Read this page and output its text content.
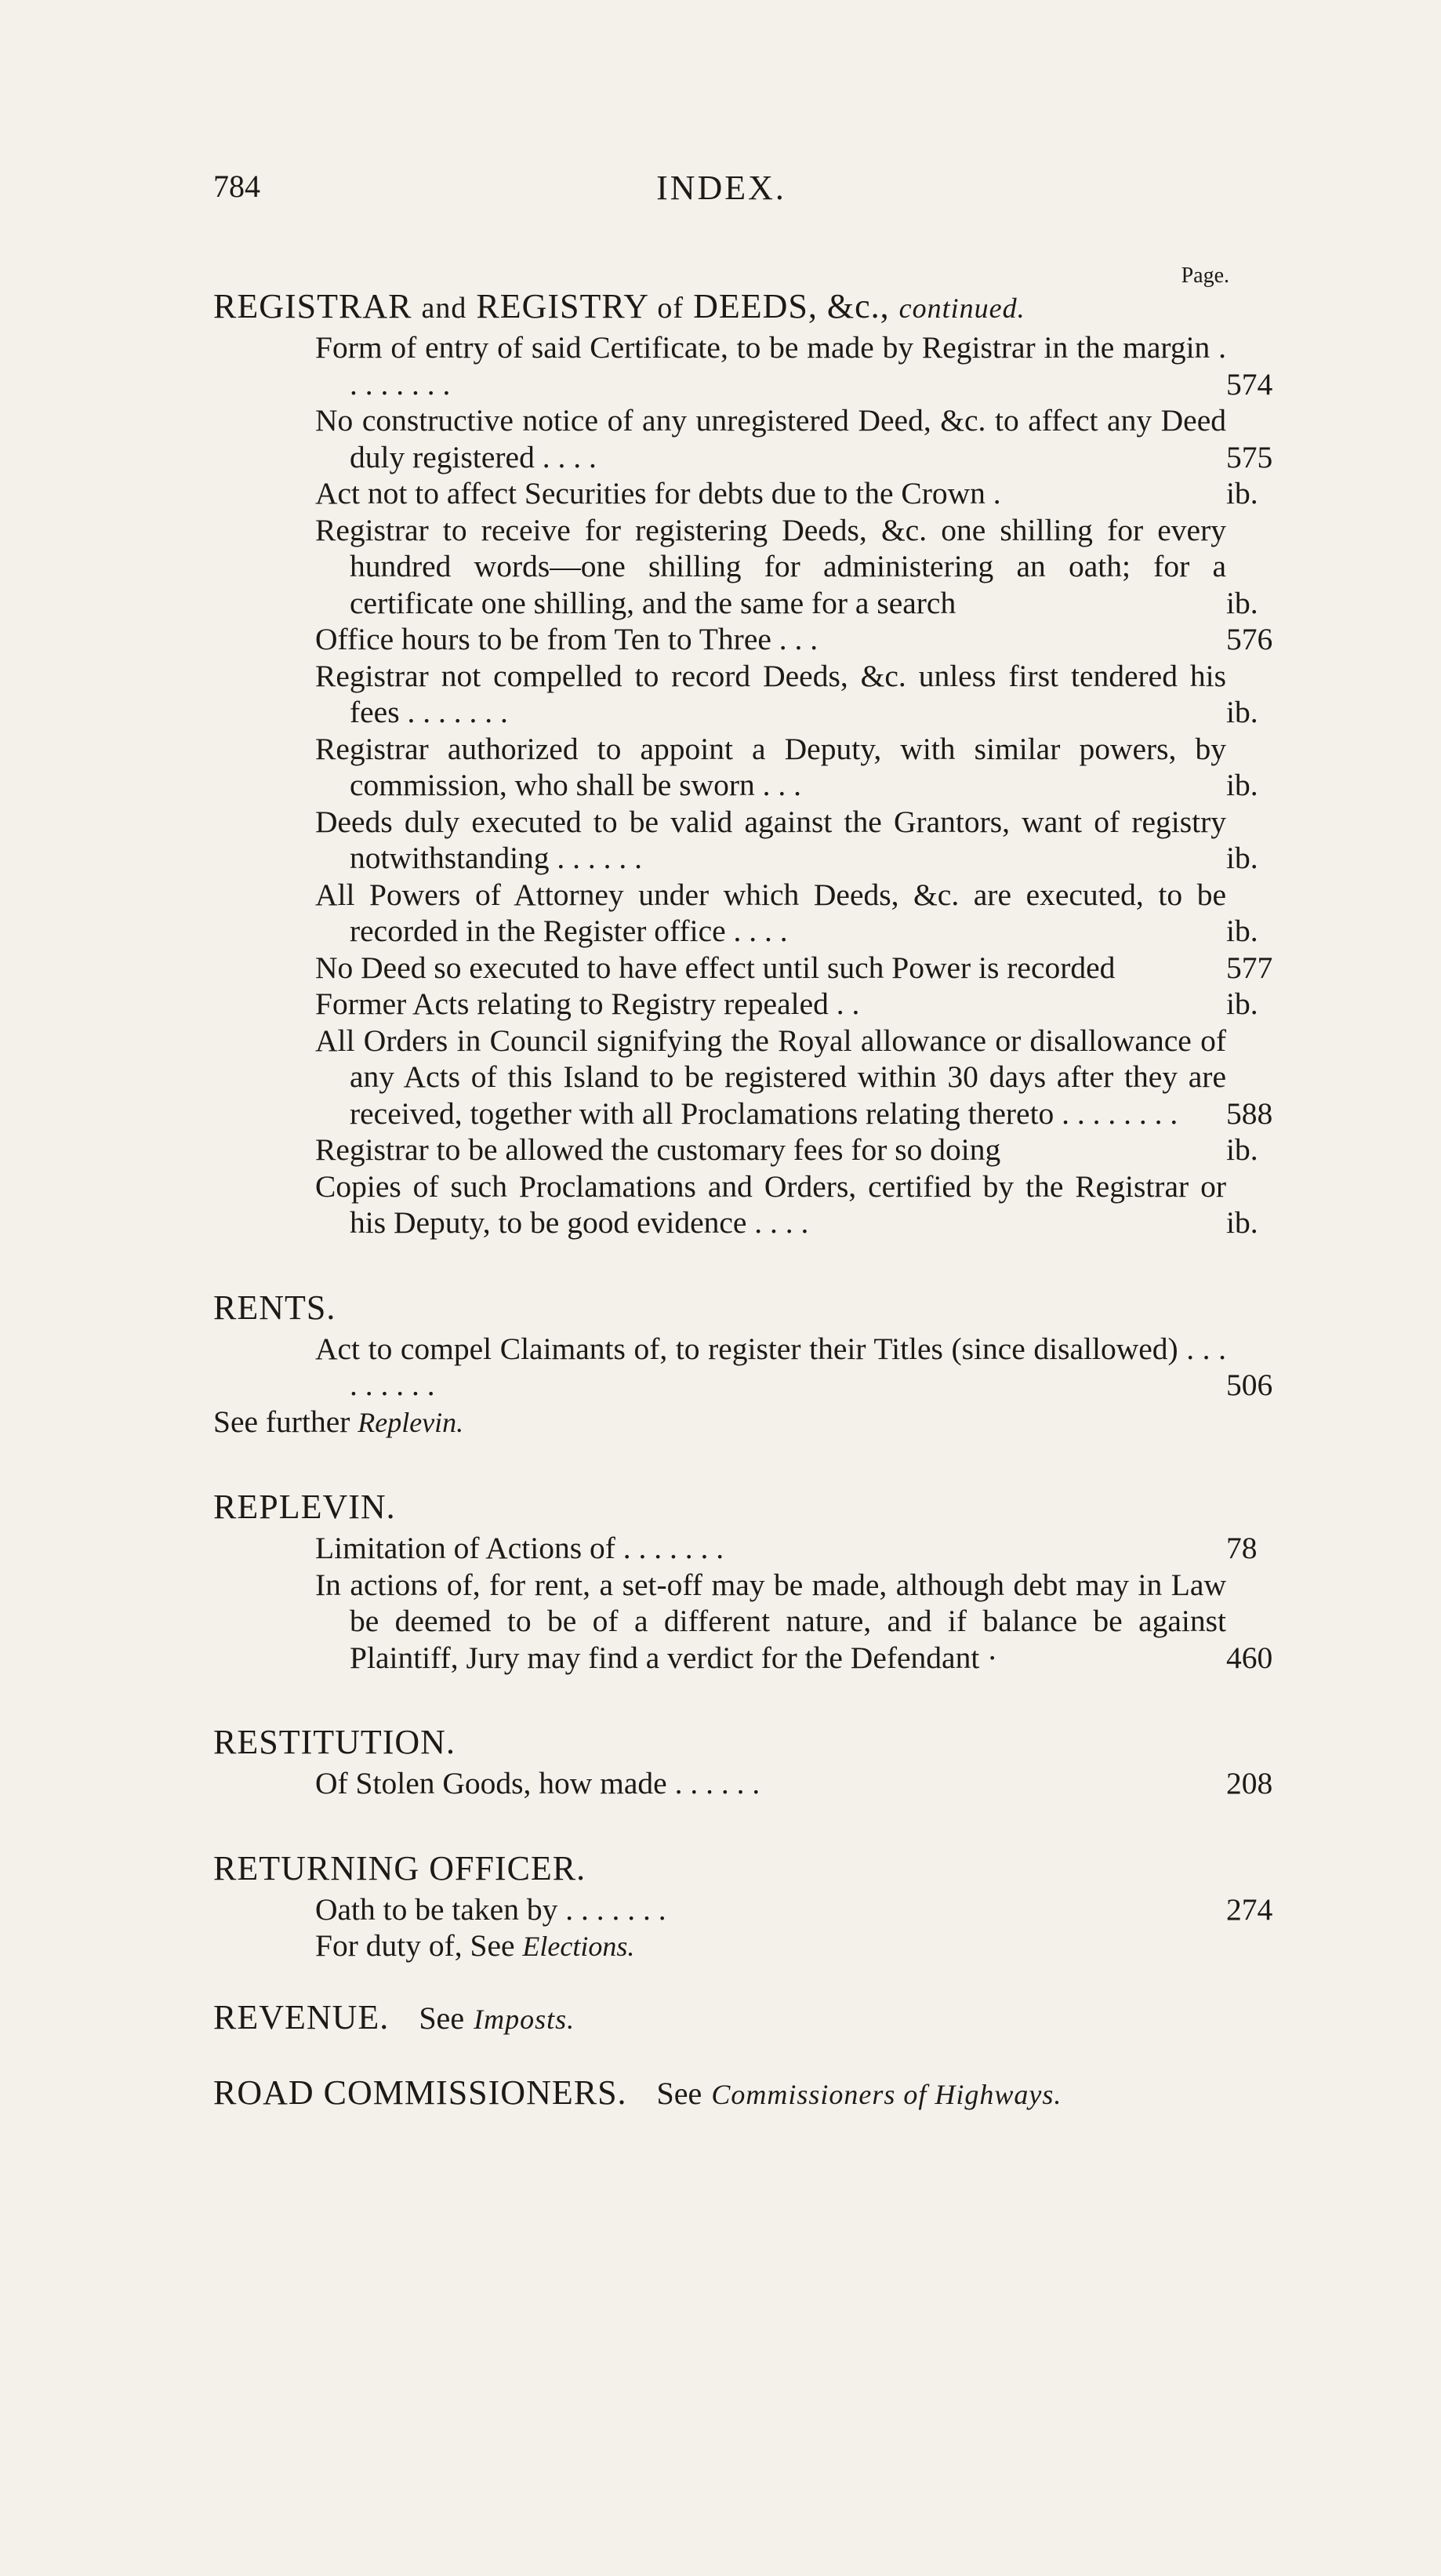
784	INDEX.
Page.
REGISTRAR and REGISTRY of DEEDS, &c., continued.
Form of entry of said Certificate, to be made by Registrar in the margin . . . . . . . .	574
No constructive notice of any unregistered Deed, &c. to affect any Deed duly registered . . . .	575
Act not to affect Securities for debts due to the Crown .	ib.
Registrar to receive for registering Deeds, &c. one shilling for every hundred words—one shilling for administering an oath; for a certificate one shilling, and the same for a search	ib.
Office hours to be from Ten to Three . . .	576
Registrar not compelled to record Deeds, &c. unless first tendered his fees . . . . . . .	ib.
Registrar authorized to appoint a Deputy, with similar powers, by commission, who shall be sworn . . .	ib.
Deeds duly executed to be valid against the Grantors, want of registry notwithstanding . . . . . .	ib.
All Powers of Attorney under which Deeds, &c. are executed, to be recorded in the Register office . . . .	ib.
No Deed so executed to have effect until such Power is recorded	577
Former Acts relating to Registry repealed . .	ib.
All Orders in Council signifying the Royal allowance or disallowance of any Acts of this Island to be registered within 30 days after they are received, together with all Proclamations relating thereto . . . . . . . .	588
Registrar to be allowed the customary fees for so doing	ib.
Copies of such Proclamations and Orders, certified by the Registrar or his Deputy, to be good evidence . . . .	ib.
RENTS.
Act to compel Claimants of, to register their Titles (since disallowed) . . . . . . . . .	506
See further Replevin.
REPLEVIN.
Limitation of Actions of . . . . . . .	78
In actions of, for rent, a set-off may be made, although debt may in Law be deemed to be of a different nature, and if balance be against Plaintiff, Jury may find a verdict for the Defendant ·	460
RESTITUTION.
Of Stolen Goods, how made . . . . . .	208
RETURNING OFFICER.
Oath to be taken by . . . . . . .	274
For duty of, See Elections.
REVENUE. See Imposts.
ROAD COMMISSIONERS. See Commissioners of Highways.
